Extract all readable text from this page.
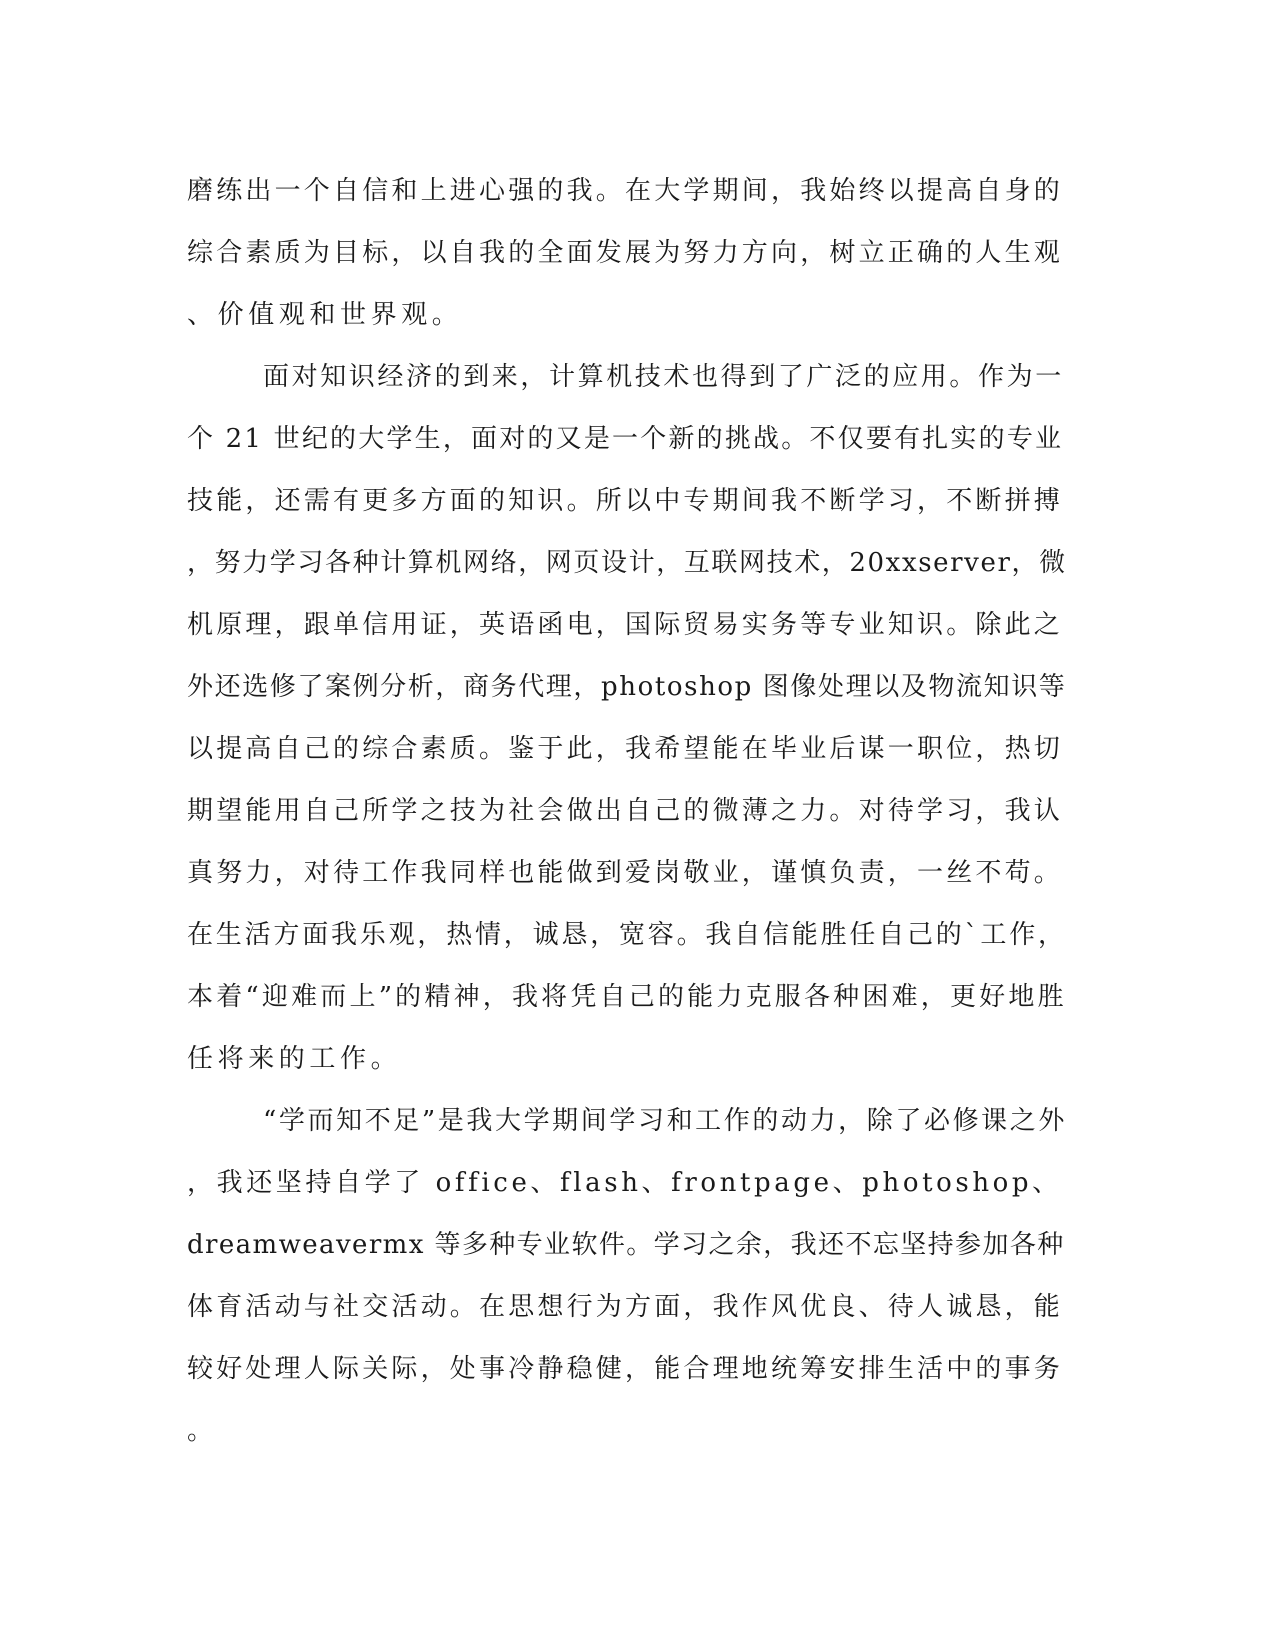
磨练出一个自信和上进心强的我。在大学期间，我始终以提高自身的
综合素质为目标，以自我的全面发展为努力方向，树立正确的人生观
、价值观和世界观。
面对知识经济的到来，计算机技术也得到了广泛的应用。作为一
个 21 世纪的大学生，面对的又是一个新的挑战。不仅要有扎实的专业
技能，还需有更多方面的知识。所以中专期间我不断学习，不断拼搏
，努力学习各种计算机网络，网页设计，互联网技术，20xxserver，微
机原理，跟单信用证，英语函电，国际贸易实务等专业知识。除此之
外还选修了案例分析，商务代理，photoshop 图像处理以及物流知识等
以提高自己的综合素质。鉴于此，我希望能在毕业后谋一职位，热切
期望能用自己所学之技为社会做出自己的微薄之力。对待学习，我认
真努力，对待工作我同样也能做到爱岗敬业，谨慎负责，一丝不苟。
在生活方面我乐观，热情，诚恳，宽容。我自信能胜任自己的`工作，
本着“迎难而上”的精神，我将凭自己的能力克服各种困难，更好地胜
任将来的工作。
“学而知不足”是我大学期间学习和工作的动力，除了必修课之外
，我还坚持自学了 office、flash、frontpage、photoshop、
dreamweavermx 等多种专业软件。学习之余，我还不忘坚持参加各种
体育活动与社交活动。在思想行为方面，我作风优良、待人诚恳，能
较好处理人际关际，处事冷静稳健，能合理地统筹安排生活中的事务
。
